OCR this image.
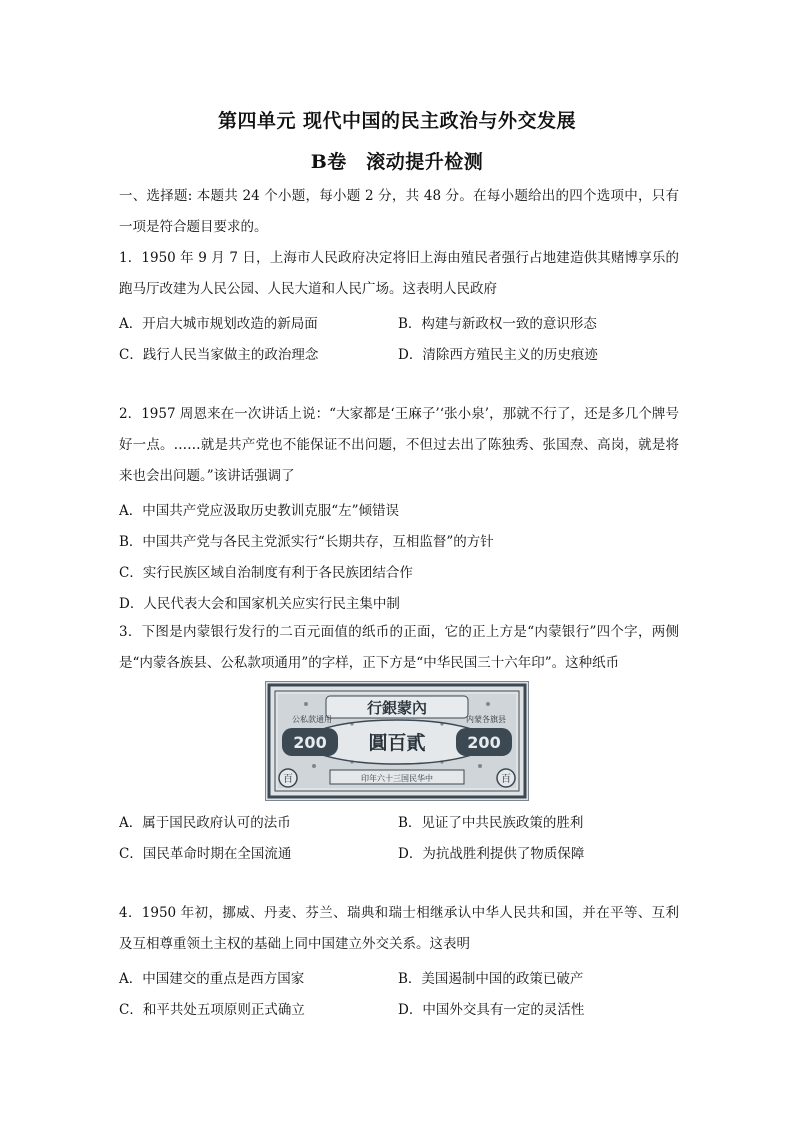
第四单元 现代中国的民主政治与外交发展
B卷　滚动提升检测

一、选择题: 本题共 24 个小题，每小题 2 分，共 48 分。在每小题给出的四个选项中，只有一项是符合题目要求的。

1．1950 年 9 月 7 日，上海市人民政府决定将旧上海由殖民者强行占地建造供其赌博享乐的跑马厅改建为人民公园、人民大道和人民广场。这表明人民政府

A．开启大城市规划改造的新局面	B．构建与新政权一致的意识形态
C．践行人民当家做主的政治理念	D．清除西方殖民主义的历史痕迹

2．1957 周恩来在一次讲话上说：“大家都是‘王麻子’‘张小泉’，那就不行了，还是多几个牌号好一点。……就是共产党也不能保证不出问题，不但过去出了陈独秀、张国焘、高岗，就是将来也会出问题。”该讲话强调了

A．中国共产党应汲取历史教训克服“左”倾错误
B．中国共产党与各民主党派实行“长期共存，互相监督”的方针
C．实行民族区域自治制度有利于各民族团结合作
D．人民代表大会和国家机关应实行民主集中制

3．下图是内蒙银行发行的二百元面值的纸币的正面，它的正上方是“内蒙银行”四个字，两侧是“内蒙各族县、公私款项通用”的字样，正下方是“中华民国三十六年印”。这种纸币

行銀蒙內
200	200
圓百貳
公私款通用	内蒙各旗县
印年六十三国民华中
百	百
A．属于国民政府认可的法币	B．见证了中共民族政策的胜利
C．国民革命时期在全国流通	D．为抗战胜利提供了物质保障

4．1950 年初，挪威、丹麦、芬兰、瑞典和瑞士相继承认中华人民共和国，并在平等、互利及互相尊重领土主权的基础上同中国建立外交关系。这表明

A．中国建交的重点是西方国家	B．美国遏制中国的政策已破产
C．和平共处五项原则正式确立	D．中国外交具有一定的灵活性
